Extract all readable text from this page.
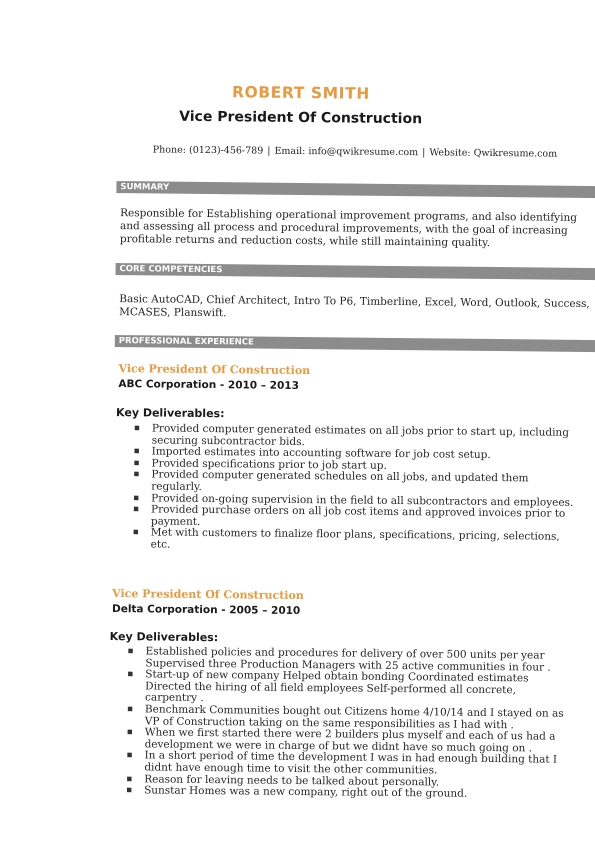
ROBERT SMITH
Vice President Of Construction
Phone: (0123)-456-789 | Email: info@qwikresume.com | Website: Qwikresume.com
SUMMARY
Responsible for Establishing operational improvement programs, and also identifying and assessing all process and procedural improvements, with the goal of increasing profitable returns and reduction costs, while still maintaining quality.
CORE COMPETENCIES
Basic AutoCAD, Chief Architect, Intro To P6, Timberline, Excel, Word, Outlook, Success, MCASES, Planswift.
PROFESSIONAL EXPERIENCE
Vice President Of Construction
ABC Corporation - 2010 – 2013
Key Deliverables:
▪ Provided computer generated estimates on all jobs prior to start up, including securing subcontractor bids.
▪ Imported estimates into accounting software for job cost setup.
▪ Provided specifications prior to job start up.
▪ Provided computer generated schedules on all jobs, and updated them regularly.
▪ Provided on-going supervision in the field to all subcontractors and employees.
▪ Provided purchase orders on all job cost items and approved invoices prior to payment.
▪ Met with customers to finalize floor plans, specifications, pricing, selections, etc.
Vice President Of Construction
Delta Corporation - 2005 – 2010
Key Deliverables:
▪ Established policies and procedures for delivery of over 500 units per year Supervised three Production Managers with 25 active communities in four .
▪ Start-up of new company Helped obtain bonding Coordinated estimates Directed the hiring of all field employees Self-performed all concrete, carpentry .
▪ Benchmark Communities bought out Citizens home 4/10/14 and I stayed on as VP of Construction taking on the same responsibilities as I had with .
▪ When we first started there were 2 builders plus myself and each of us had a development we were in charge of but we didnt have so much going on .
▪ In a short period of time the development I was in had enough building that I didnt have enough time to visit the other communities.
▪ Reason for leaving needs to be talked about personally.
▪ Sunstar Homes was a new company, right out of the ground.
